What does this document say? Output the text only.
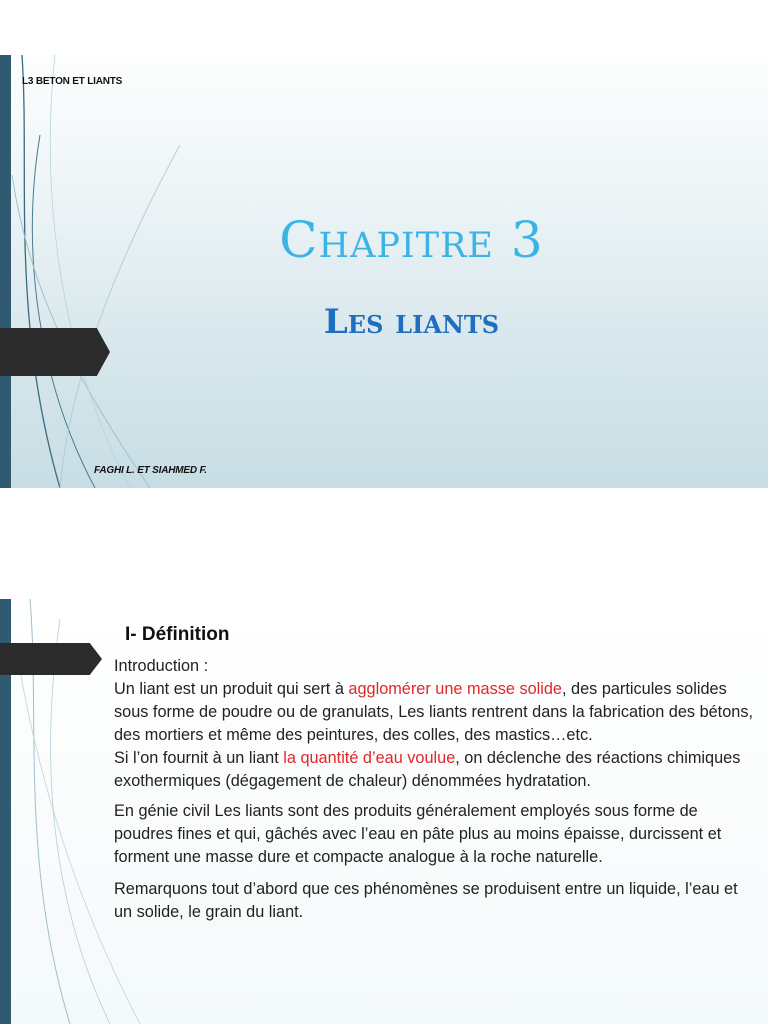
L3 BETON ET LIANTS
Chapitre 3
Les liants
FAGHI L. ET SIAHMED F.
I- Définition

Introduction :

Un liant est un produit qui sert à agglomérer une masse solide, des particules solides sous forme de poudre ou de granulats, Les liants rentrent dans la fabrication des bétons, des mortiers et même des peintures, des colles, des mastics…etc.
Si l’on fournit à un liant la quantité d’eau voulue, on déclenche des réactions chimiques exothermiques (dégagement de chaleur) dénommées hydratation.

En génie civil Les liants sont des produits généralement employés sous forme de poudres fines et qui, gâchés avec l’eau en pâte plus au moins épaisse, durcissent et forment une masse dure et compacte analogue à la roche naturelle.

Remarquons tout d’abord que ces phénomènes se produisent entre un liquide, l’eau et un solide, le grain du liant.
